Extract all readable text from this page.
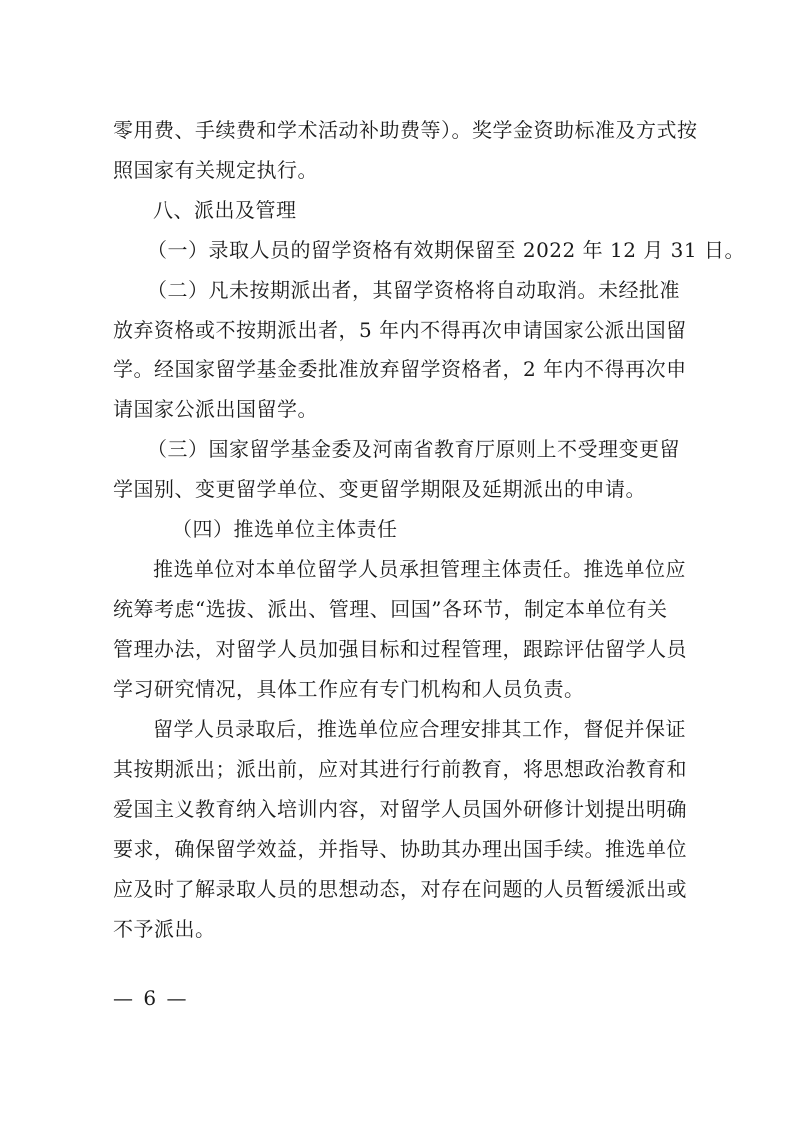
零用费、手续费和学术活动补助费等）。奖学金资助标准及方式按
照国家有关规定执行。
八、派出及管理
（一）录取人员的留学资格有效期保留至 2022 年 12 月 31 日。
（二）凡未按期派出者，其留学资格将自动取消。未经批准
放弃资格或不按期派出者，5 年内不得再次申请国家公派出国留
学。经国家留学基金委批准放弃留学资格者，2 年内不得再次申
请国家公派出国留学。
（三）国家留学基金委及河南省教育厅原则上不受理变更留
学国别、变更留学单位、变更留学期限及延期派出的申请。
（四）推选单位主体责任
推选单位对本单位留学人员承担管理主体责任。推选单位应
统筹考虑“选拔、派出、管理、回国”各环节，制定本单位有关
管理办法，对留学人员加强目标和过程管理，跟踪评估留学人员
学习研究情况，具体工作应有专门机构和人员负责。
留学人员录取后，推选单位应合理安排其工作，督促并保证
其按期派出；派出前，应对其进行行前教育，将思想政治教育和
爱国主义教育纳入培训内容，对留学人员国外研修计划提出明确
要求，确保留学效益，并指导、协助其办理出国手续。推选单位
应及时了解录取人员的思想动态，对存在问题的人员暂缓派出或
不予派出。
— 6 —
